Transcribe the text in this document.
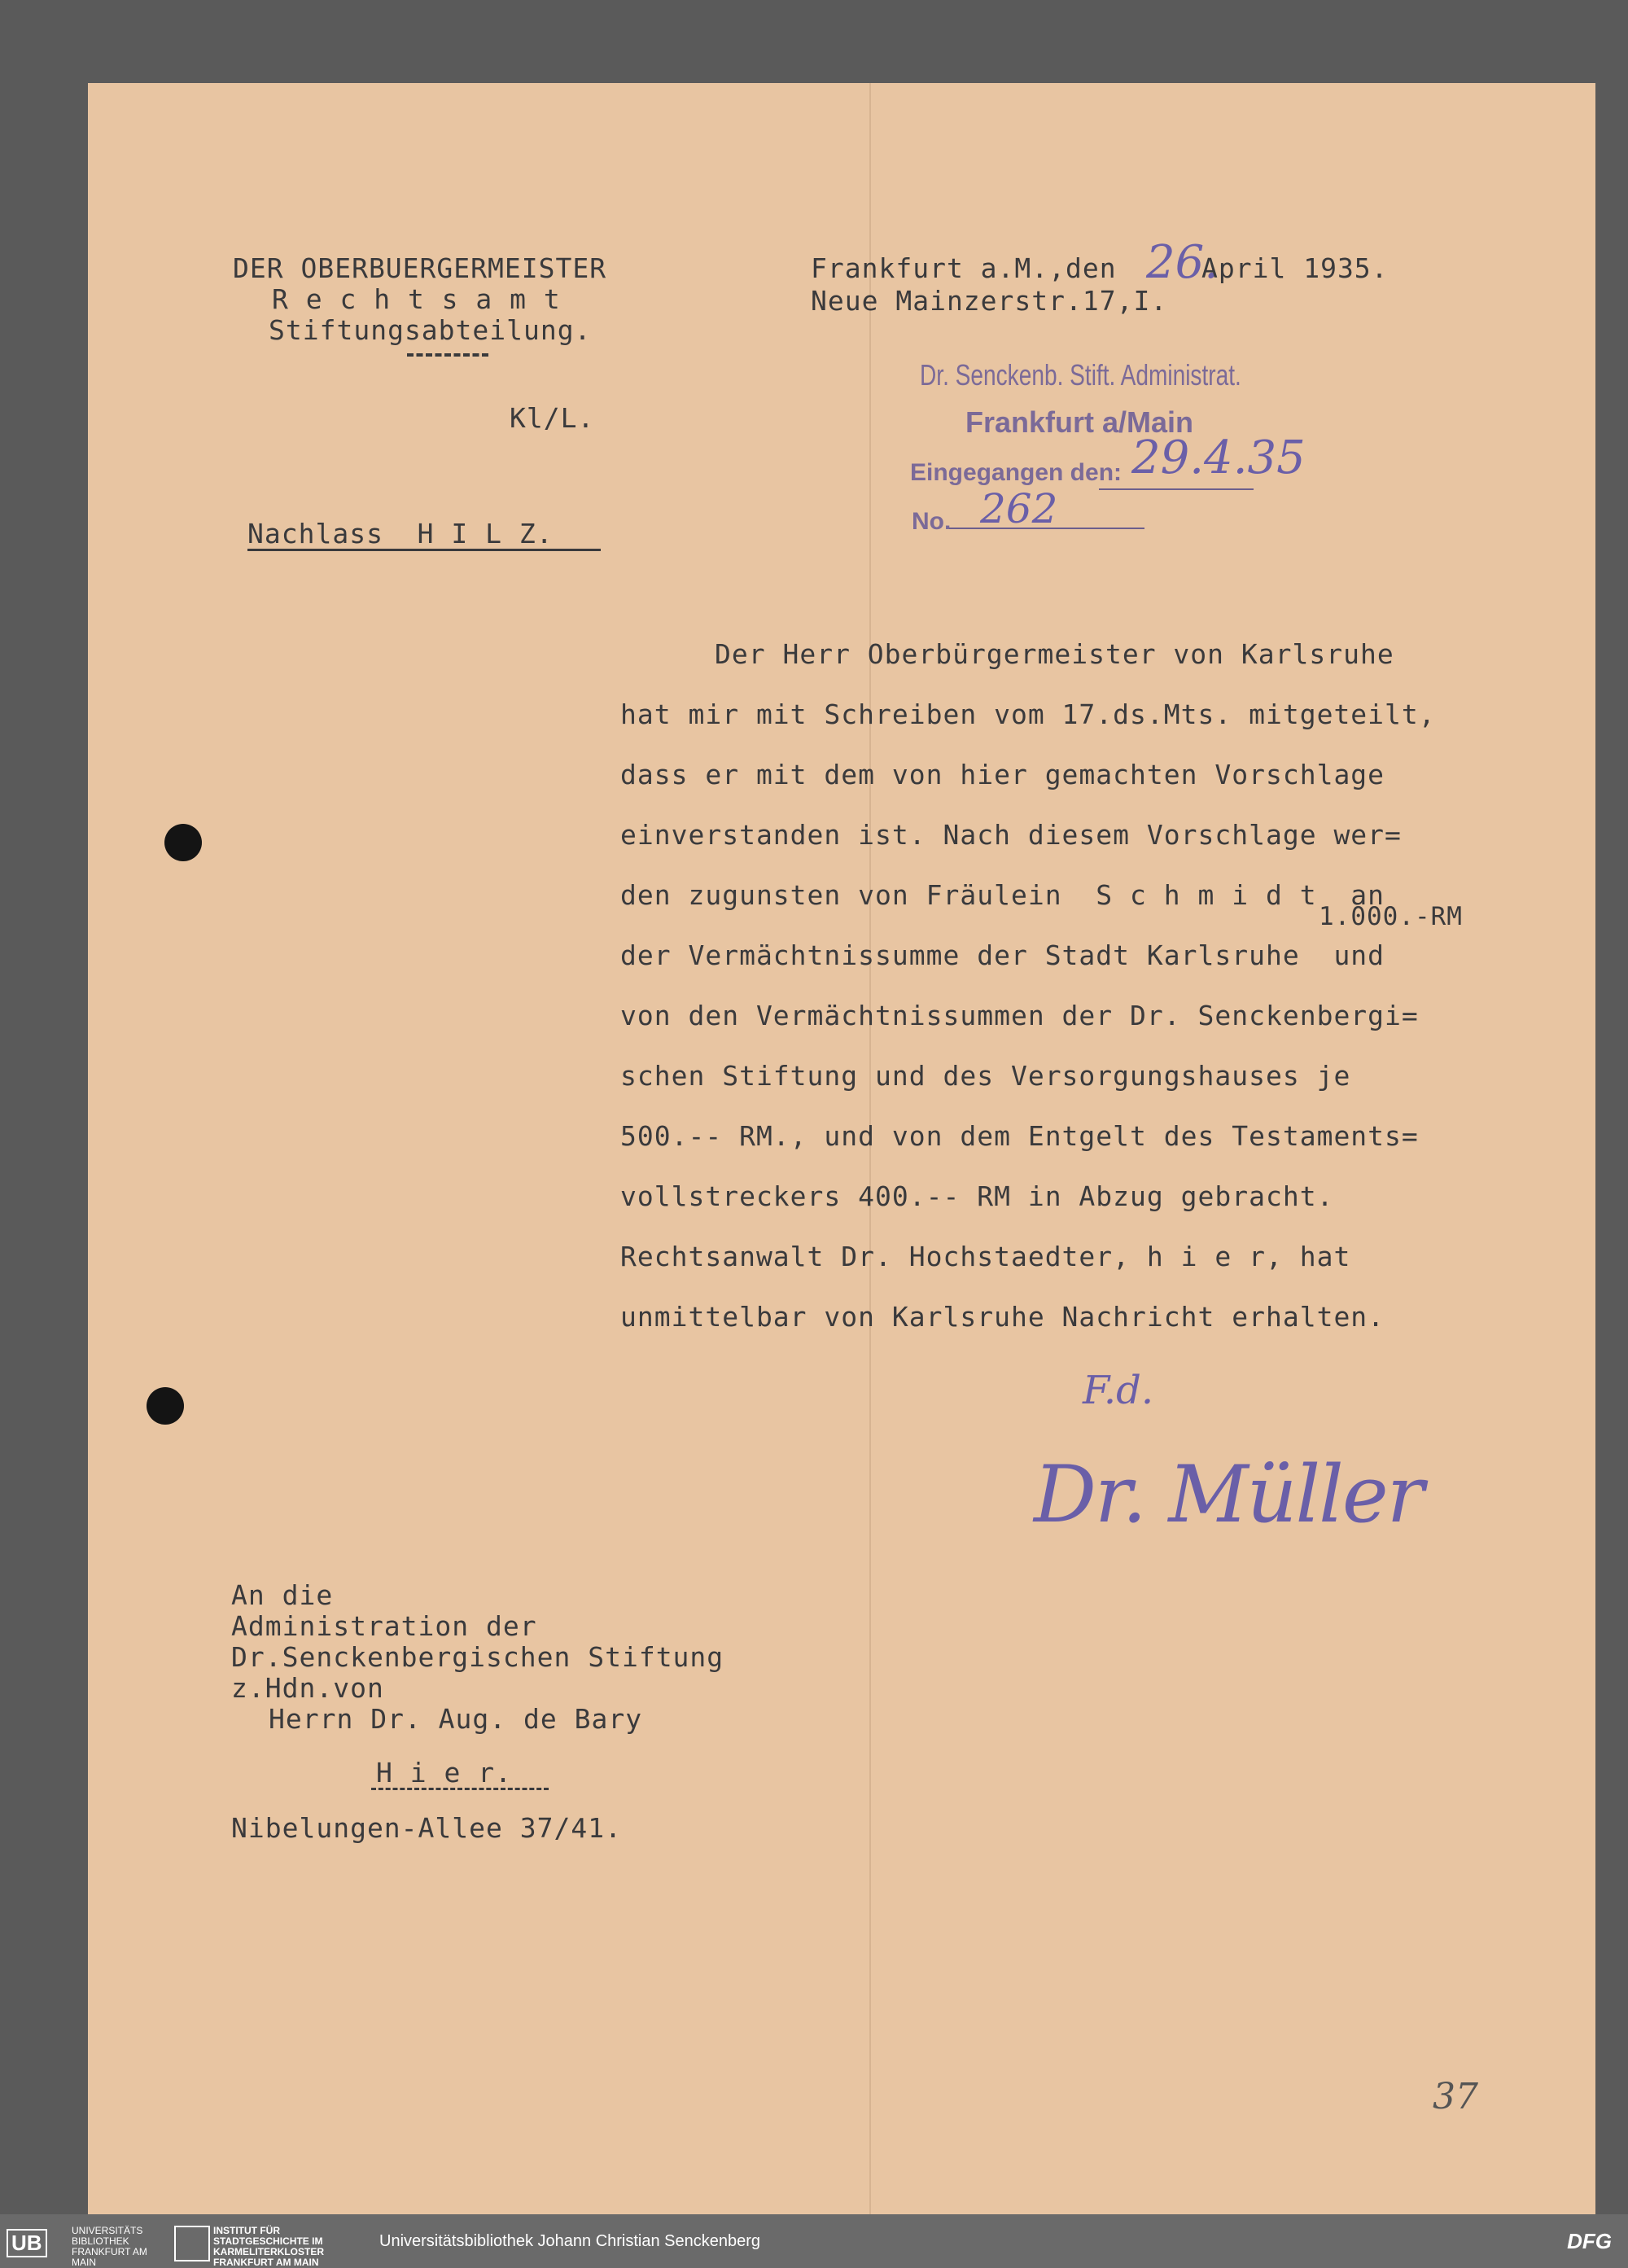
DER OBERBUERGERMEISTER
R e c h t s a m t
Stiftungsabteilung.
Kl/L.
Frankfurt a.M.,den 26.
April 1935.
Neue Mainzerstr.17,I.
Dr. Senckenb. Stift. Administrat.
Frankfurt a/Main
Eingegangen den: 29.4.35
No. 262
Nachlass  H I L Z.
Der Herr Oberbürgermeister von Karlsruhe
hat mir mit Schreiben vom 17.ds.Mts. mitgeteilt,
dass er mit dem von hier gemachten Vorschlage
einverstanden ist. Nach diesem Vorschlage wer=
den zugunsten von Fräulein  S c h m i d t  an
1.000.-RM
der Vermächtnissumme der Stadt Karlsruhe  und
von den Vermächtnissummen der Dr. Senckenbergi=
schen Stiftung und des Versorgungshauses je
500.-- RM., und von dem Entgelt des Testaments=
vollstreckers 400.-- RM in Abzug gebracht.
Rechtsanwalt Dr. Hochstaedter, h i e r, hat
unmittelbar von Karlsruhe Nachricht erhalten.
F.d.
Dr. Müller
An die
Administration der
Dr.Senckenbergischen Stiftung
z.Hdn.von
Herrn Dr. Aug. de Bary
H i e r.
Nibelungen-Allee 37/41.
37
UB	UNIVERSITÄTS BIBLIOTHEK FRANKFURT AM MAIN
INSTITUT FÜR STADTGESCHICHTE IM KARMELITERKLOSTER FRANKFURT AM MAIN
Universitätsbibliothek Johann Christian Senckenberg	DFG
